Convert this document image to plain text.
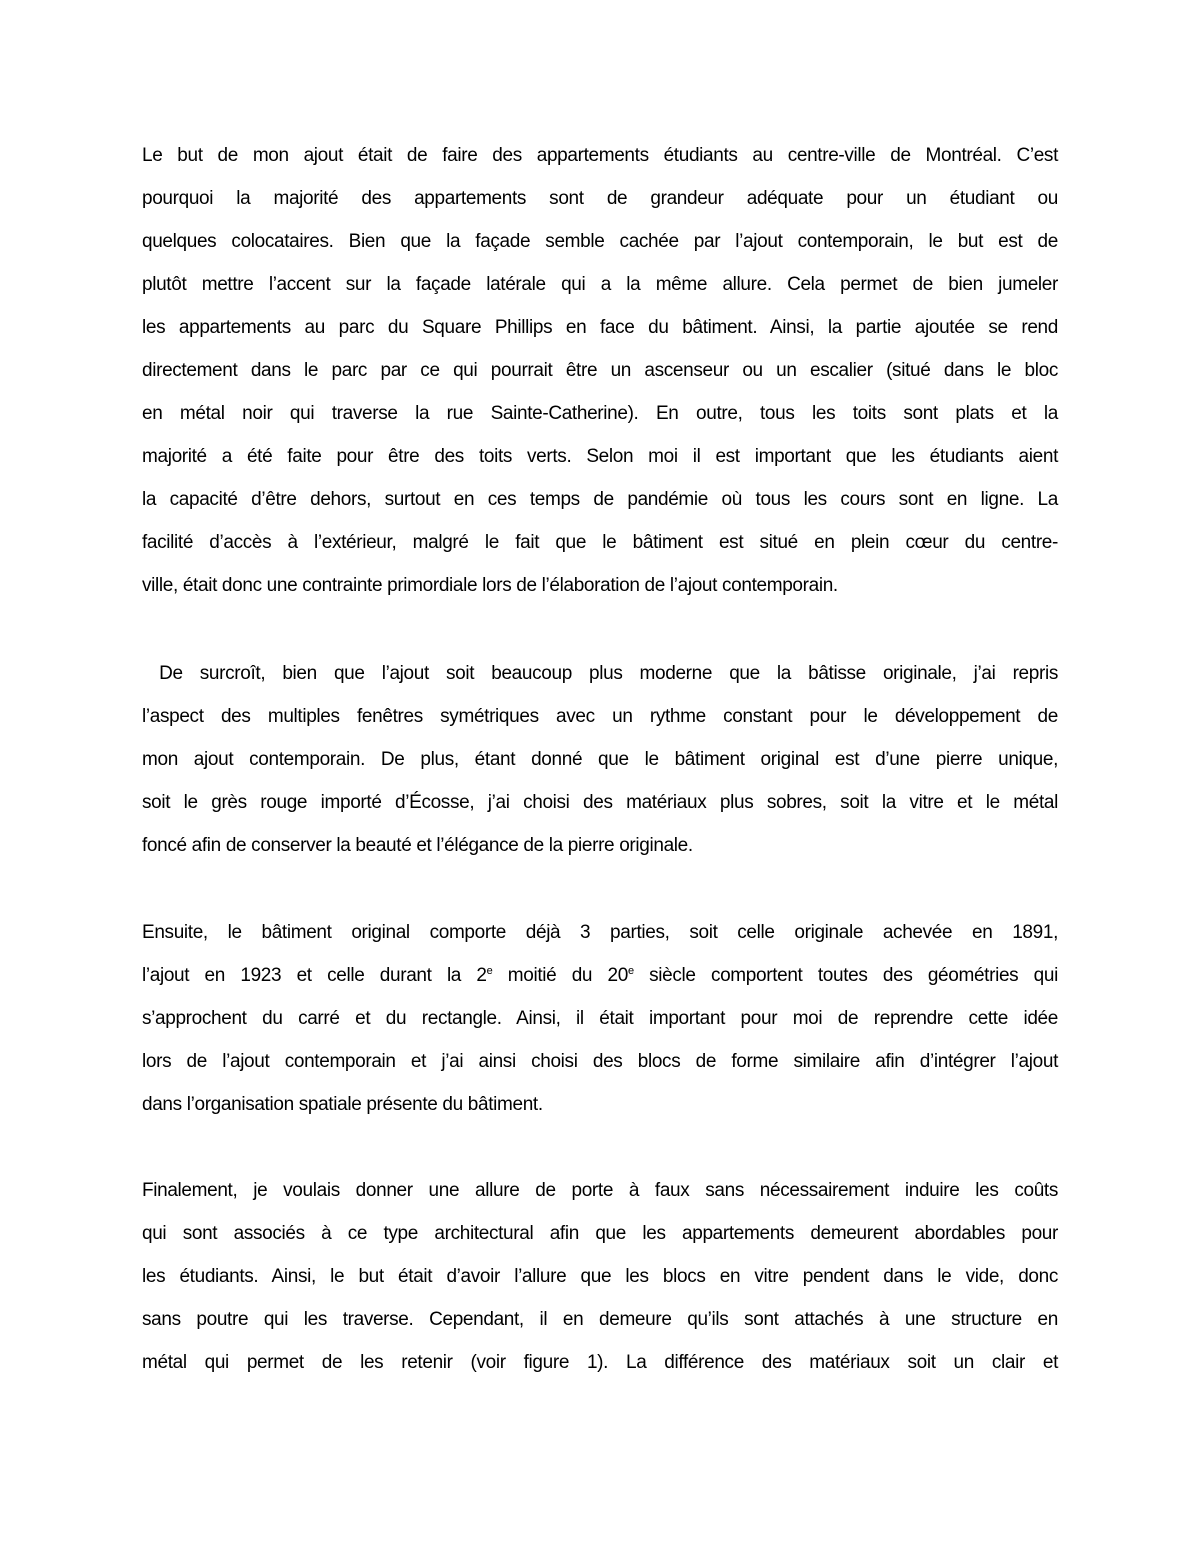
Le but de mon ajout était de faire des appartements étudiants au centre-ville de Montréal. C’est
pourquoi la majorité des appartements sont de grandeur adéquate pour un étudiant ou
quelques colocataires. Bien que la façade semble cachée par l’ajout contemporain, le but est de
plutôt mettre l’accent sur la façade latérale qui a la même allure. Cela permet de bien jumeler
les appartements au parc du Square Phillips en face du bâtiment. Ainsi, la partie ajoutée se rend
directement dans le parc par ce qui pourrait être un ascenseur ou un escalier (situé dans le bloc
en métal noir qui traverse la rue Sainte-Catherine). En outre, tous les toits sont plats et la
majorité a été faite pour être des toits verts. Selon moi il est important que les étudiants aient
la capacité d’être dehors, surtout en ces temps de pandémie où tous les cours sont en ligne. La
facilité d’accès à l’extérieur, malgré le fait que le bâtiment est situé en plein cœur du centre-
ville, était donc une contrainte primordiale lors de l’élaboration de l’ajout contemporain.
De surcroît, bien que l’ajout soit beaucoup plus moderne que la bâtisse originale, j’ai repris
l’aspect des multiples fenêtres symétriques avec un rythme constant pour le développement de
mon ajout contemporain. De plus, étant donné que le bâtiment original est d’une pierre unique,
soit le grès rouge importé d’Écosse, j’ai choisi des matériaux plus sobres, soit la vitre et le métal
foncé afin de conserver la beauté et l’élégance de la pierre originale.
Ensuite, le bâtiment original comporte déjà 3 parties, soit celle originale achevée en 1891,
l’ajout en 1923 et celle durant la 2e moitié du 20e siècle comportent toutes des géométries qui
s’approchent du carré et du rectangle. Ainsi, il était important pour moi de reprendre cette idée
lors de l’ajout contemporain et j’ai ainsi choisi des blocs de forme similaire afin d’intégrer l’ajout
dans l’organisation spatiale présente du bâtiment.
Finalement, je voulais donner une allure de porte à faux sans nécessairement induire les coûts
qui sont associés à ce type architectural afin que les appartements demeurent abordables pour
les étudiants. Ainsi, le but était d’avoir l’allure que les blocs en vitre pendent dans le vide, donc
sans poutre qui les traverse. Cependant, il en demeure qu’ils sont attachés à une structure en
métal qui permet de les retenir (voir figure 1). La différence des matériaux soit un clair et
